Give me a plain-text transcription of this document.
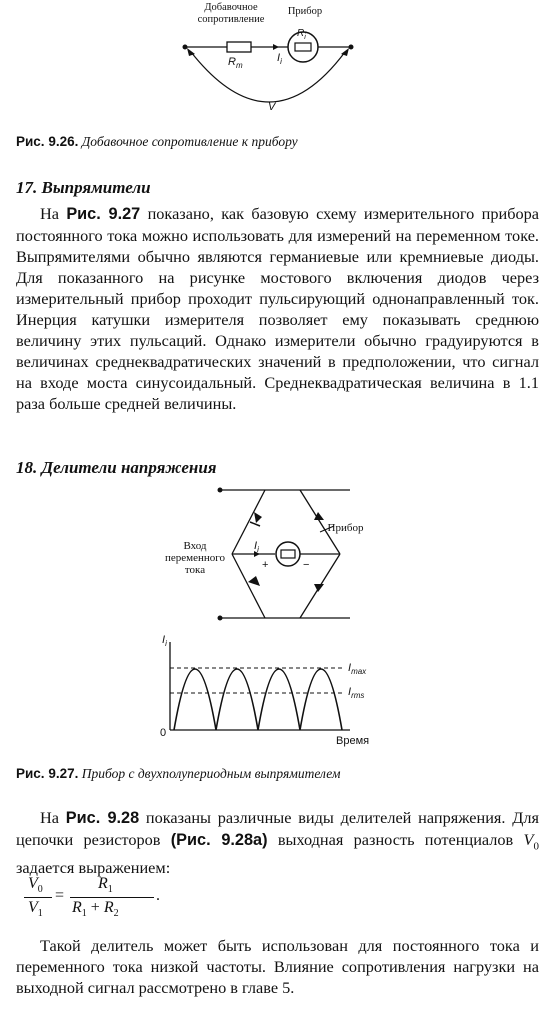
Добавочное сопротивление
Прибор
$R_m$
$I_i$
$R_i$
V
Рис. 9.26. Добавочное сопротивление к прибору
17. Выпрямители
На Рис. 9.27 показано, как базовую схему измерительного прибора постоянного тока можно использовать для измерений на переменном токе. Выпрямителями обычно являются германиевые или кремниевые диоды. Для показанного на рисунке мостового включения диодов через измерительный прибор проходит пульсирующий однонаправленный ток. Инерция катушки измерителя позволяет ему показывать среднюю величину этих пульсаций. Однако измерители обычно градуируются в величинах среднеквадратических значений в предположении, что сигнал на входе моста синусоидальный. Среднеквадратическая величина в 1.1 раза больше средней величины.
18. Делители напряжения
Вход переменного тока
Прибор
$I_i$
+	−
$I_i$
$I_{max}$
$I_{rms}$
0
Время
Рис. 9.27. Прибор с двухполупериодным выпрямителем
На Рис. 9.28 показаны различные виды делителей напряжения. Для цепочки резисторов (Рис. 9.28а) выходная разность потенциалов $V_0$ задается выражением:
$V_0$
$V_1$
=
$R_1$
$R_1 + R_2$
.
Такой делитель может быть использован для постоянного тока и переменного тока низкой частоты. Влияние сопротивления нагрузки на выходной сигнал рассмотрено в главе 5.
